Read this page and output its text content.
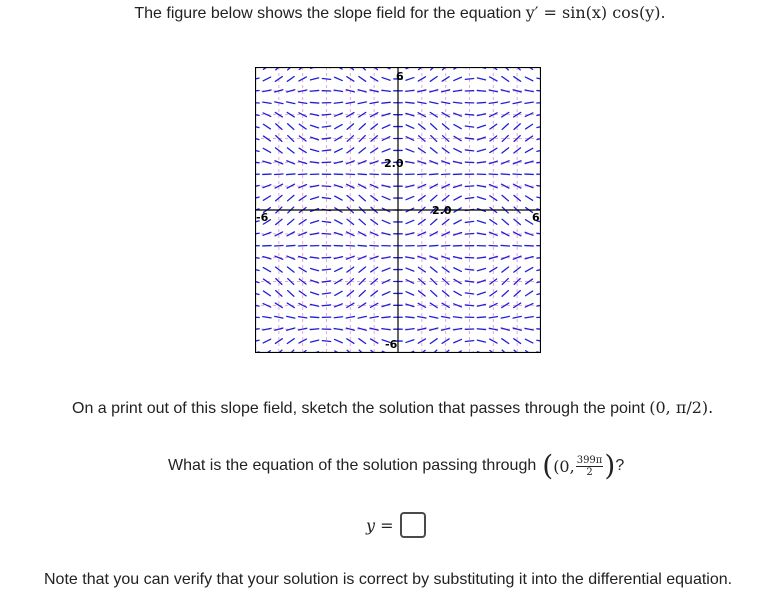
The figure below shows the slope field for the equation y′ = sin(x) cos(y).
6
-6
-6	6
2.0
2.0
On a print out of this slope field, sketch the solution that passes through the point (0, π/2).
What is the equation of the solution passing through ( (0, $\frac{399\pi}{2}$ ) ?
y =
Note that you can verify that your solution is correct by substituting it into the differential equation.
